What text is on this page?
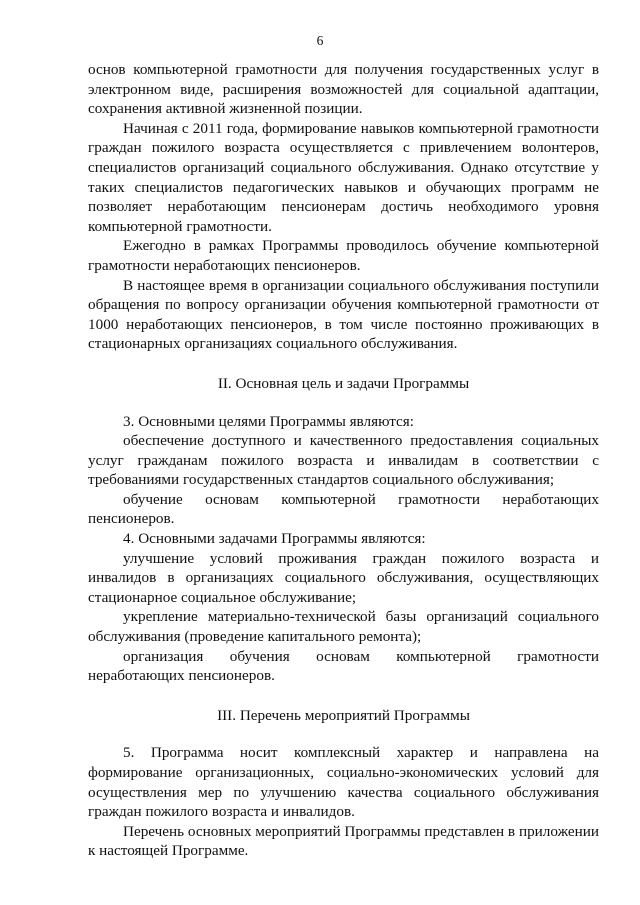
6

основ компьютерной грамотности для получения государственных услуг в электронном виде, расширения возможностей для социальной адаптации, сохранения активной жизненной позиции.

Начиная с 2011 года, формирование навыков компьютерной грамотности граждан пожилого возраста осуществляется с привлечением волонтеров, специалистов организаций социального обслуживания. Однако отсутствие у таких специалистов педагогических навыков и обучающих программ не позволяет неработающим пенсионерам достичь необходимого уровня компьютерной грамотности.

Ежегодно в рамках Программы проводилось обучение компьютерной грамотности неработающих пенсионеров.

В настоящее время в организации социального обслуживания поступили обращения по вопросу организации обучения компьютерной грамотности от 1000 неработающих пенсионеров, в том числе постоянно проживающих в стационарных организациях социального обслуживания.

II. Основная цель и задачи Программы

3. Основными целями Программы являются:

обеспечение доступного и качественного предоставления социальных услуг гражданам пожилого возраста и инвалидам в соответствии с требованиями государственных стандартов социального обслуживания;

обучение основам компьютерной грамотности неработающих пенсионеров.

4. Основными задачами Программы являются:

улучшение условий проживания граждан пожилого возраста и инвалидов в организациях социального обслуживания, осуществляющих стационарное социальное обслуживание;

укрепление материально-технической базы организаций социального обслуживания (проведение капитального ремонта);

организация обучения основам компьютерной грамотности неработающих пенсионеров.

III. Перечень мероприятий Программы

5. Программа носит комплексный характер и направлена на формирование организационных, социально-экономических условий для осуществления мер по улучшению качества социального обслуживания граждан пожилого возраста и инвалидов.

Перечень основных мероприятий Программы представлен в приложении к настоящей Программе.
